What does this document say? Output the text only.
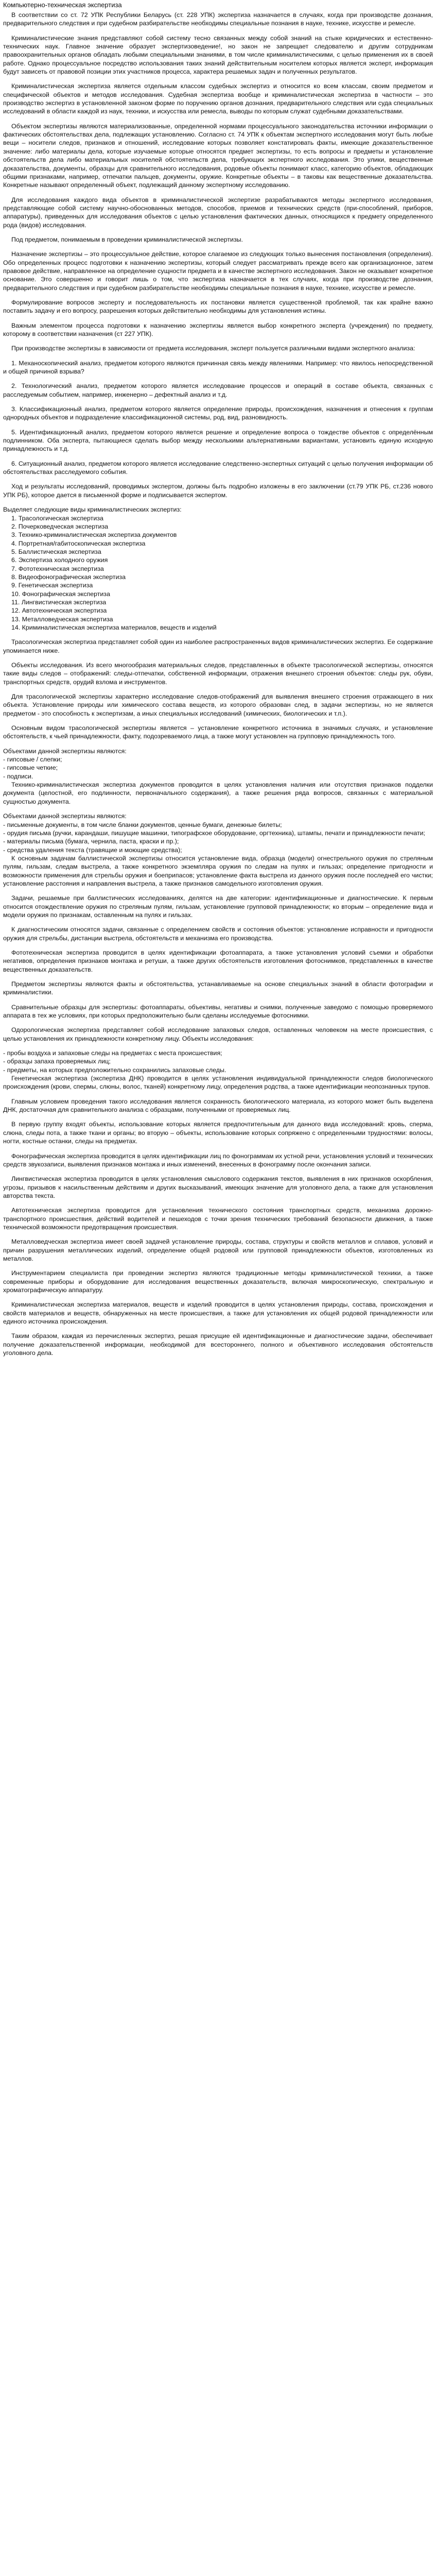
Компьютерно-техническая экспертиза
В соответствии со ст. 72 УПК Республики Беларусь (ст. 228 УПК) экспертиза назначается в случаях, когда при производстве дознания, предварительного следствия и при судебном разбирательстве необходимы специальные познания в науке, технике, искусстве и ремесле.
Криминалистические знания представляют собой систему тесно связанных между собой знаний на стыке юридических и естественно-технических наук. Главное значение образует экспертизоведение!, но закон не запрещает следователю и другим сотрудникам правоохранительных органов обладать любыми специальными знаниями, в том числе криминалистическими, с целью применения их в своей работе. Однако процессуальное посредство использования таких знаний действительным носителем которых является эксперт, информация будут зависеть от правовой позиции этих участников процесса, характера решаемых задач и полученных результатов.
Криминалистическая экспертиза является отдельным классом судебных экспертиз и относится ко всем классам, своим предметом и специфической объектов и методов исследования. Судебная экспертиза вообще и криминалистическая экспертиза в частности – это производство экспертиз в установленной законом форме по поручению органов дознания, предварительного следствия или суда специальных исследований в области каждой из наук, техники, и искусства или ремесла, выводы по которым служат судебными доказательствами.
Объектом экспертизы являются материализованные, определенной нормами процессуального законодательства источники информации о фактических обстоятельствах дела, подлежащих установлению. Согласно ст. 74 УПК к объектам экспертного исследования могут быть любые вещи – носители следов, признаков и отношений, исследование которых позволяет констатировать факты, имеющие доказательственное значение: либо материалы дела, которые изучаемые которые относятся предмет экспертизы, то есть вопросы и предметы и установление обстоятельств дела либо материальных носителей обстоятельств дела, требующих экспертного исследования. Это улики, вещественные доказательства, документы, образцы для сравнительного исследования, родовые объекты понимают класс, категорию объектов, обладающих общими признаками, например, отпечатки пальцев, документы, оружие. Конкретные объекты – в таковы как вещественные доказательства. Конкретные называют определенный объект, подлежащий данному экспертному исследованию.
Для исследования каждого вида объектов в криминалистической экспертизе разрабатываются методы экспертного исследования, представляющие собой систему научно-обоснованных методов, способов, приемов и технических средств (при-способлений, приборов, аппаратуры), приведенных для исследования объектов с целью установления фактических данных, относящихся к предмету определенного рода (видов) исследования.
Под предметом, понимаемым в проведении криминалистической экспертизы.
Назначение экспертизы – это процессуальное действие, которое слагаемое из следующих только вынесения постановления (определения). Обо определенных процесс подготовки к назначению экспертизы, который следует рассматривать прежде всего как организационное, затем правовое действие, направленное на определение сущности предмета и в качестве экспертного исследования. Закон не оказывает конкретное основание. Это совершенно и говорит лишь о том, что экспертиза назначается в тех случаях, когда при производстве дознания, предварительного следствия и при судебном разбирательстве необходимы специальные познания в науке, технике, искусстве и ремесле.
Формулирование вопросов эксперту и последовательность их постановки является существенной проблемой, так как крайне важно поставить задачу и его вопросу, разрешения которых действительно необходимы для установления истины.
Важным элементом процесса подготовки к назначению экспертизы является выбор конкретного эксперта (учреждения) по предмету, которому в соответствии назначения (ст 227 УПК).
При производстве экспертизы в зависимости от предмета исследования, эксперт пользуется различными видами экспертного анализа:
1. Механоскопический анализ, предметом которого являются причинная связь между явлениями. Например: что явилось непосредственной и общей причиной взрыва?
2. Технологический анализ, предметом которого является исследование процессов и операций в составе объекта, связанных с расследуемым событием, например, инженерно – дефектный анализ и т.д.
3. Классификационный анализ, предметом которого является определение природы, происхождения, назначения и отнесения к группам однородных объектов и подразделение классификационной системы, род, вид, разновидность.
5. Идентификационный анализ, предметом которого является решение и определение вопроса о тождестве объектов с определённым подлинником. Оба эксперта, пытающиеся сделать выбор между несколькими альтернативными вариантами, установить единую исходную принадлежность и т.д.
6. Ситуационный анализ, предметом которого является исследование следственно-экспертных ситуаций с целью получения информации об обстоятельствах расследуемого события.
Ход и результаты исследований, проводимых экспертом, должны быть подробно изложены в его заключении (ст.79 УПК РБ, ст.236 нового УПК РБ), которое дается в письменной форме и подписывается экспертом.
Выделяет следующие виды криминалистических экспертиз:
1. Трасологическая экспертиза
2. Почерковедческая экспертиза
3. Технико-криминалистическая экспертиза документов
4. Портретная/габитоскопическая экспертиза
5. Баллистическая экспертиза
6. Экспертиза холодного оружия
7. Фототехническая экспертиза
8. Видеофонографическая экспертиза
9. Генетическая экспертиза
10. Фонографическая экспертиза
11. Лингвистическая экспертиза
12. Автотехническая экспертиза
13. Металловедческая экспертиза
14. Криминалистическая экспертиза материалов, веществ и изделий
Трасологическая экспертиза представляет собой один из наиболее распространенных видов криминалистических экспертиз. Ее содержание упоминается ниже.
Объекты исследования. Из всего многообразия материальных следов, представленных в объекте трасологической экспертизы, относятся такие виды следов – отображений: следы-отпечатки, собственной информации, отражения внешнего строения объектов: следы рук, обуви, транспортных средств, орудий взлома и инструментов.
Для трасологической экспертизы характерно исследование следов-отображений для выявления внешнего строения отражающего в них объекта. Установление природы или химического состава веществ, из которого образован след, в задачи экспертизы, но не является предметом - это способность к экспертизам, а иных специальных исследований (химических, биологических и т.п.).
Основным видом трасологической экспертизы является – установление конкретного источника в значимых случаях, и установление обстоятельств, к чьей принадлежности, факту, подозреваемого лица, а также могут установлен на групповую принадлежность того.
Объектами данной экспертизы являются:
- гипсовые / слепки;
- гипсовые четкие;
- подписи.
Технико-криминалистическая экспертиза документов проводится в целях установления наличия или отсутствия признаков подделки документа (целостной, его подлинности, первоначального содержания), а также решения ряда вопросов, связанных с материальной сущностью документа.
Объектами данной экспертизы являются:
- письменные документы, в том числе бланки документов, ценные бумаги, денежные билеты;
- орудия письма (ручки, карандаши, пишущие машинки, типографское оборудование, оргтехника), штампы, печати и принадлежности печати;
- материалы письма (бумага, чернила, паста, краски и пр.);
- средства удаления текста (травящие и моющие средства);
К основным задачам баллистической экспертизы относится установление вида, образца (модели) огнестрельного оружия по стреляным пулям, гильзам, следам выстрела, а также конкретного экземпляра оружия по следам на пулях и гильзах; определение пригодности и возможности применения для стрельбы оружия и боеприпасов; установление факта выстрела из данного оружия после последней его чистки; установление расстояния и направления выстрела, а также признаков самодельного изготовления оружия.
Задачи, решаемые при баллистических исследованиях, делятся на две категории: идентификационные и диагностические. К первым относится отождествление оружия по стреляным пулям, гильзам, установление групповой принадлежности; ко вторым – определение вида и модели оружия по признакам, оставленным на пулях и гильзах.
К диагностическим относятся задачи, связанные с определением свойств и состояния объектов: установление исправности и пригодности оружия для стрельбы, дистанции выстрела, обстоятельств и механизма его производства.
Фототехническая экспертиза проводится в целях идентификации фотоаппарата, а также установления условий съемки и обработки негативов, определения признаков монтажа и ретуши, а также других обстоятельств изготовления фотоснимков, представленных в качестве вещественных доказательств.
Предметом экспертизы являются факты и обстоятельства, устанавливаемые на основе специальных знаний в области фотографии и криминалистики.
Сравнительные образцы для экспертизы: фотоаппараты, объективы, негативы и снимки, полученные заведомо с помощью проверяемого аппарата в тех же условиях, при которых предположительно были сделаны исследуемые фотоснимки.
Одорологическая экспертиза представляет собой исследование запаховых следов, оставленных человеком на месте происшествия, с целью установления их принадлежности конкретному лицу. Объекты исследования:
- пробы воздуха и запаховые следы на предметах с места происшествия;
- образцы запаха проверяемых лиц;
- предметы, на которых предположительно сохранились запаховые следы.
Генетическая экспертиза (экспертиза ДНК) проводится в целях установления индивидуальной принадлежности следов биологического происхождения (крови, спермы, слюны, волос, тканей) конкретному лицу, определения родства, а также идентификации неопознанных трупов.
Главным условием проведения такого исследования является сохранность биологического материала, из которого может быть выделена ДНК, достаточная для сравнительного анализа с образцами, полученными от проверяемых лиц.
В первую группу входят объекты, использование которых является предпочтительным для данного вида исследований: кровь, сперма, слюна, следы пота, а также ткани и органы; во вторую – объекты, использование которых сопряжено с определенными трудностями: волосы, ногти, костные останки, следы на предметах.
Фонографическая экспертиза проводится в целях идентификации лиц по фонограммам их устной речи, установления условий и технических средств звукозаписи, выявления признаков монтажа и иных изменений, внесенных в фонограмму после окончания записи.
Лингвистическая экспертиза проводится в целях установления смыслового содержания текстов, выявления в них признаков оскорбления, угрозы, призывов к насильственным действиям и других высказываний, имеющих значение для уголовного дела, а также для установления авторства текста.
Автотехническая экспертиза проводится для установления технического состояния транспортных средств, механизма дорожно-транспортного происшествия, действий водителей и пешеходов с точки зрения технических требований безопасности движения, а также технической возможности предотвращения происшествия.
Металловедческая экспертиза имеет своей задачей установление природы, состава, структуры и свойств металлов и сплавов, условий и причин разрушения металлических изделий, определение общей родовой или групповой принадлежности объектов, изготовленных из металлов.
Инструментарием специалиста при проведении экспертиз являются традиционные методы криминалистической техники, а также современные приборы и оборудование для исследования вещественных доказательств, включая микроскопическую, спектральную и хроматографическую аппаратуру.
Криминалистическая экспертиза материалов, веществ и изделий проводится в целях установления природы, состава, происхождения и свойств материалов и веществ, обнаруженных на месте происшествия, а также для установления их общей родовой принадлежности или единого источника происхождения.
Таким образом, каждая из перечисленных экспертиз, решая присущие ей идентификационные и диагностические задачи, обеспечивает получение доказательственной информации, необходимой для всестороннего, полного и объективного исследования обстоятельств уголовного дела.
